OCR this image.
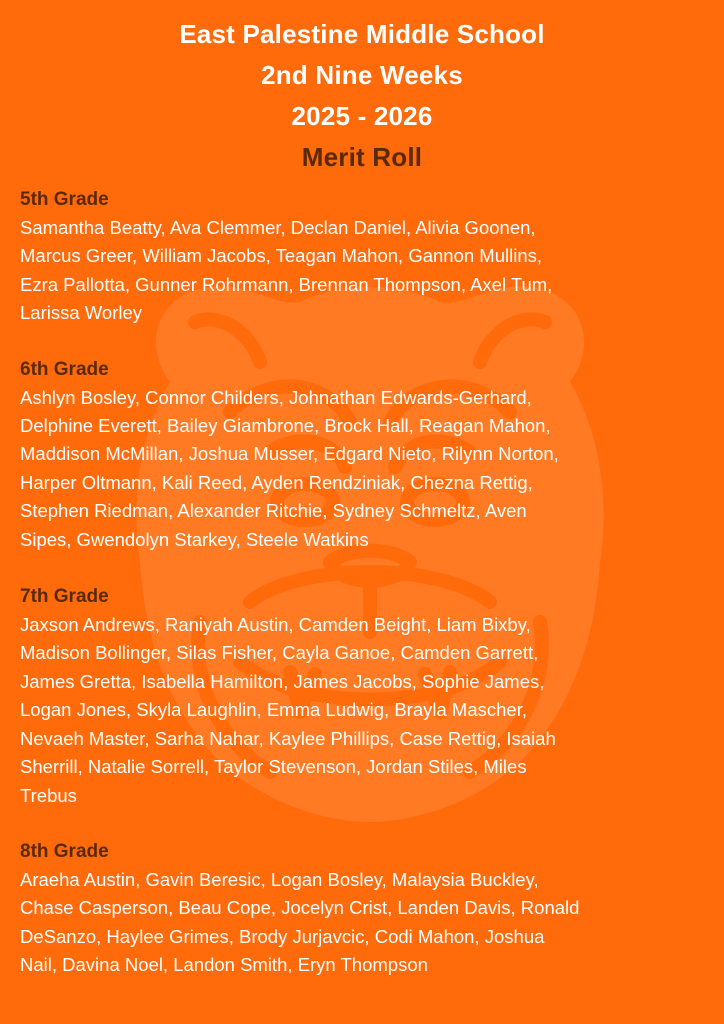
East Palestine Middle School
2nd Nine Weeks
2025 - 2026
Merit Roll
5th Grade
Samantha Beatty, Ava Clemmer, Declan Daniel, Alivia Goonen,
Marcus Greer, William Jacobs, Teagan Mahon, Gannon Mullins,
Ezra Pallotta, Gunner Rohrmann, Brennan Thompson, Axel Tum,
Larissa Worley
6th Grade
Ashlyn Bosley, Connor Childers, Johnathan Edwards-Gerhard,
Delphine Everett, Bailey Giambrone, Brock Hall, Reagan Mahon,
Maddison McMillan, Joshua Musser, Edgard Nieto, Rilynn Norton,
Harper Oltmann, Kali Reed, Ayden Rendziniak, Chezna Rettig,
Stephen Riedman, Alexander Ritchie, Sydney Schmeltz, Aven
Sipes, Gwendolyn Starkey, Steele Watkins
7th Grade
Jaxson Andrews, Raniyah Austin, Camden Beight, Liam Bixby,
Madison Bollinger, Silas Fisher, Cayla Ganoe, Camden Garrett,
James Gretta, Isabella Hamilton, James Jacobs, Sophie James,
Logan Jones, Skyla Laughlin, Emma Ludwig, Brayla Mascher,
Nevaeh Master, Sarha Nahar, Kaylee Phillips, Case Rettig, Isaiah
Sherrill, Natalie Sorrell, Taylor Stevenson, Jordan Stiles, Miles
Trebus
8th Grade
Araeha Austin, Gavin Beresic, Logan Bosley, Malaysia Buckley,
Chase Casperson, Beau Cope, Jocelyn Crist, Landen Davis, Ronald
DeSanzo, Haylee Grimes, Brody Jurjavcic, Codi Mahon, Joshua
Nail, Davina Noel, Landon Smith, Eryn Thompson
